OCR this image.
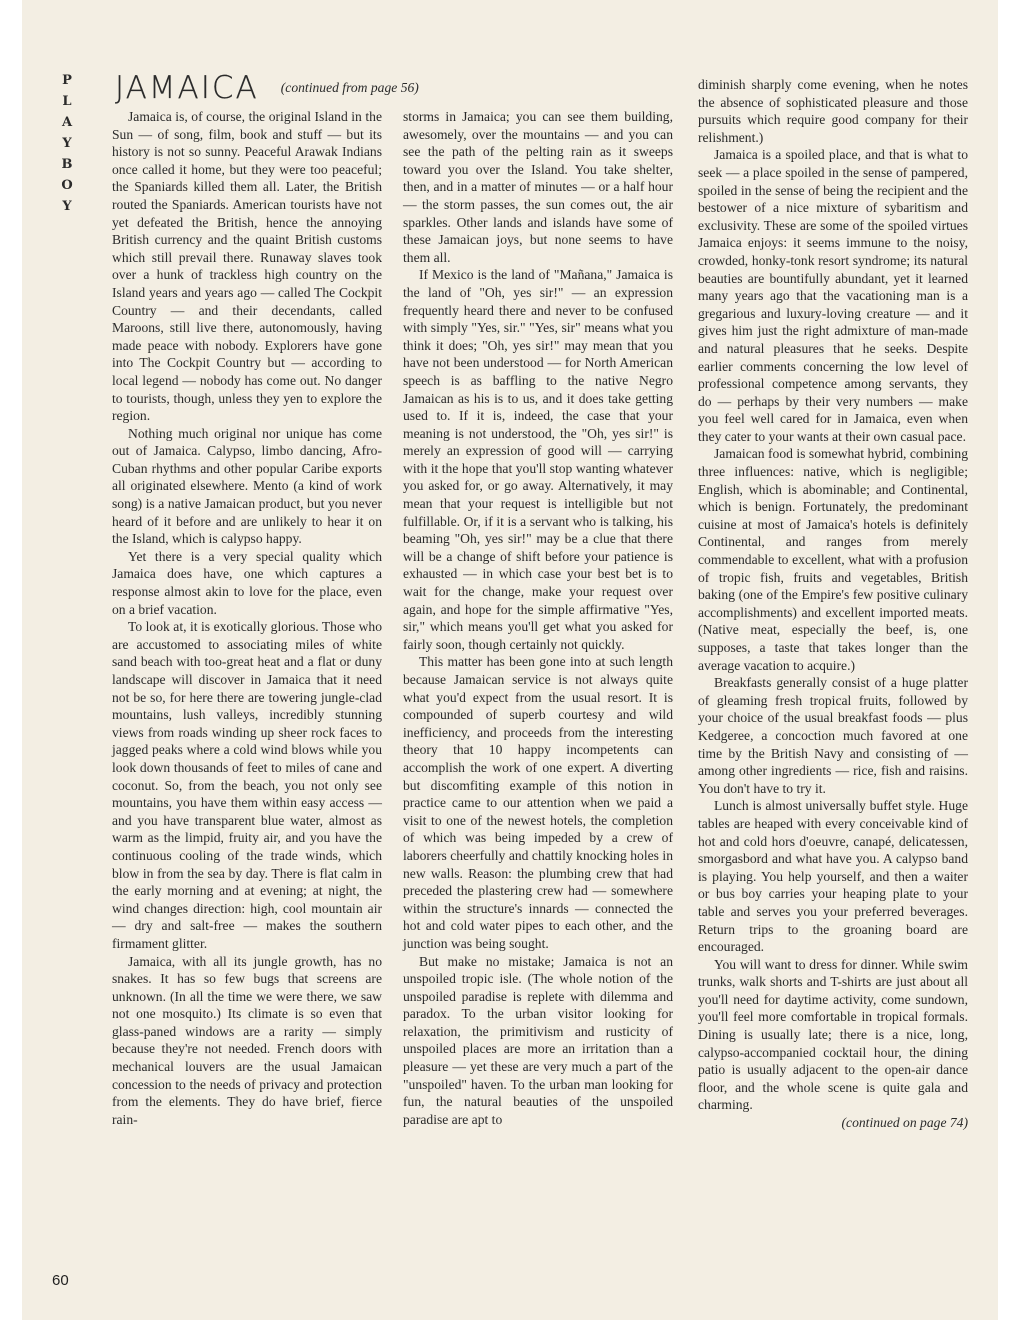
P
L
A
Y
B
O
Y
JAMAICA $^{(continued from page 56)}$

Jamaica is, of course, the original Island in the Sun — of song, film, book and stuff — but its history is not so sunny. Peaceful Arawak Indians once called it home, but they were too peaceful; the Spaniards killed them all. Later, the British routed the Spaniards. American tourists have not yet defeated the British, hence the annoying British currency and the quaint British customs which still prevail there. Runaway slaves took over a hunk of trackless high country on the Island years and years ago — called The Cockpit Country — and their decendants, called Maroons, still live there, autonomously, having made peace with nobody. Explorers have gone into The Cockpit Country but — according to local legend — nobody has come out. No danger to tourists, though, unless they yen to explore the region.

Nothing much original nor unique has come out of Jamaica. Calypso, limbo dancing, Afro-Cuban rhythms and other popular Caribe exports all originated elsewhere. Mento (a kind of work song) is a native Jamaican product, but you never heard of it before and are unlikely to hear it on the Island, which is calypso happy.

Yet there is a very special quality which Jamaica does have, one which captures a response almost akin to love for the place, even on a brief vacation.

To look at, it is exotically glorious. Those who are accustomed to associating miles of white sand beach with too-great heat and a flat or duny landscape will discover in Jamaica that it need not be so, for here there are towering jungle-clad mountains, lush valleys, incredibly stunning views from roads winding up sheer rock faces to jagged peaks where a cold wind blows while you look down thousands of feet to miles of cane and coconut. So, from the beach, you not only see mountains, you have them within easy access — and you have transparent blue water, almost as warm as the limpid, fruity air, and you have the continuous cooling of the trade winds, which blow in from the sea by day. There is flat calm in the early morning and at evening; at night, the wind changes direction: high, cool mountain air — dry and salt-free — makes the southern firmament glitter.

Jamaica, with all its jungle growth, has no snakes. It has so few bugs that screens are unknown. (In all the time we were there, we saw not one mosquito.) Its climate is so even that glass-paned windows are a rarity — simply because they're not needed. French doors with mechanical louvers are the usual Jamaican concession to the needs of privacy and protection from the elements. They do have brief, fierce rain-

storms in Jamaica; you can see them building, awesomely, over the mountains — and you can see the path of the pelting rain as it sweeps toward you over the Island. You take shelter, then, and in a matter of minutes — or a half hour — the storm passes, the sun comes out, the air sparkles. Other lands and islands have some of these Jamaican joys, but none seems to have them all.

If Mexico is the land of "Mañana," Jamaica is the land of "Oh, yes sir!" — an expression frequently heard there and never to be confused with simply "Yes, sir." "Yes, sir" means what you think it does; "Oh, yes sir!" may mean that you have not been understood — for North American speech is as baffling to the native Negro Jamaican as his is to us, and it does take getting used to. If it is, indeed, the case that your meaning is not understood, the "Oh, yes sir!" is merely an expression of good will — carrying with it the hope that you'll stop wanting whatever you asked for, or go away. Alternatively, it may mean that your request is intelligible but not fulfillable. Or, if it is a servant who is talking, his beaming "Oh, yes sir!" may be a clue that there will be a change of shift before your patience is exhausted — in which case your best bet is to wait for the change, make your request over again, and hope for the simple affirmative "Yes, sir," which means you'll get what you asked for fairly soon, though certainly not quickly.

This matter has been gone into at such length because Jamaican service is not always quite what you'd expect from the usual resort. It is compounded of superb courtesy and wild inefficiency, and proceeds from the interesting theory that 10 happy incompetents can accomplish the work of one expert. A diverting but discomfiting example of this notion in practice came to our attention when we paid a visit to one of the newest hotels, the completion of which was being impeded by a crew of laborers cheerfully and chattily knocking holes in new walls. Reason: the plumbing crew that had preceded the plastering crew had — somewhere within the structure's innards — connected the hot and cold water pipes to each other, and the junction was being sought.

But make no mistake; Jamaica is not an unspoiled tropic isle. (The whole notion of the unspoiled paradise is replete with dilemma and paradox. To the urban visitor looking for relaxation, the primitivism and rusticity of unspoiled places are more an irritation than a pleasure — yet these are very much a part of the "unspoiled" haven. To the urban man looking for fun, the natural beauties of the unspoiled paradise are apt to

diminish sharply come evening, when he notes the absence of sophisticated pleasure and those pursuits which require good company for their relishment.)

Jamaica is a spoiled place, and that is what to seek — a place spoiled in the sense of pampered, spoiled in the sense of being the recipient and the bestower of a nice mixture of sybaritism and exclusivity. These are some of the spoiled virtues Jamaica enjoys: it seems immune to the noisy, crowded, honky-tonk resort syndrome; its natural beauties are bountifully abundant, yet it learned many years ago that the vacationing man is a gregarious and luxury-loving creature — and it gives him just the right admixture of man-made and natural pleasures that he seeks. Despite earlier comments concerning the low level of professional competence among servants, they do — perhaps by their very numbers — make you feel well cared for in Jamaica, even when they cater to your wants at their own casual pace.

Jamaican food is somewhat hybrid, combining three influences: native, which is negligible; English, which is abominable; and Continental, which is benign. Fortunately, the predominant cuisine at most of Jamaica's hotels is definitely Continental, and ranges from merely commendable to excellent, what with a profusion of tropic fish, fruits and vegetables, British baking (one of the Empire's few positive culinary accomplishments) and excellent imported meats. (Native meat, especially the beef, is, one supposes, a taste that takes longer than the average vacation to acquire.)

Breakfasts generally consist of a huge platter of gleaming fresh tropical fruits, followed by your choice of the usual breakfast foods — plus Kedgeree, a concoction much favored at one time by the British Navy and consisting of — among other ingredients — rice, fish and raisins. You don't have to try it.

Lunch is almost universally buffet style. Huge tables are heaped with every conceivable kind of hot and cold hors d'oeuvre, canapé, delicatessen, smorgasbord and what have you. A calypso band is playing. You help yourself, and then a waiter or bus boy carries your heaping plate to your table and serves you your preferred beverages. Return trips to the groaning board are encouraged.

You will want to dress for dinner. While swim trunks, walk shorts and T-shirts are just about all you'll need for daytime activity, come sundown, you'll feel more comfortable in tropical formals. Dining is usually late; there is a nice, long, calypso-accompanied cocktail hour, the dining patio is usually adjacent to the open-air dance floor, and the whole scene is quite gala and charming.

(continued on page 74)

60
